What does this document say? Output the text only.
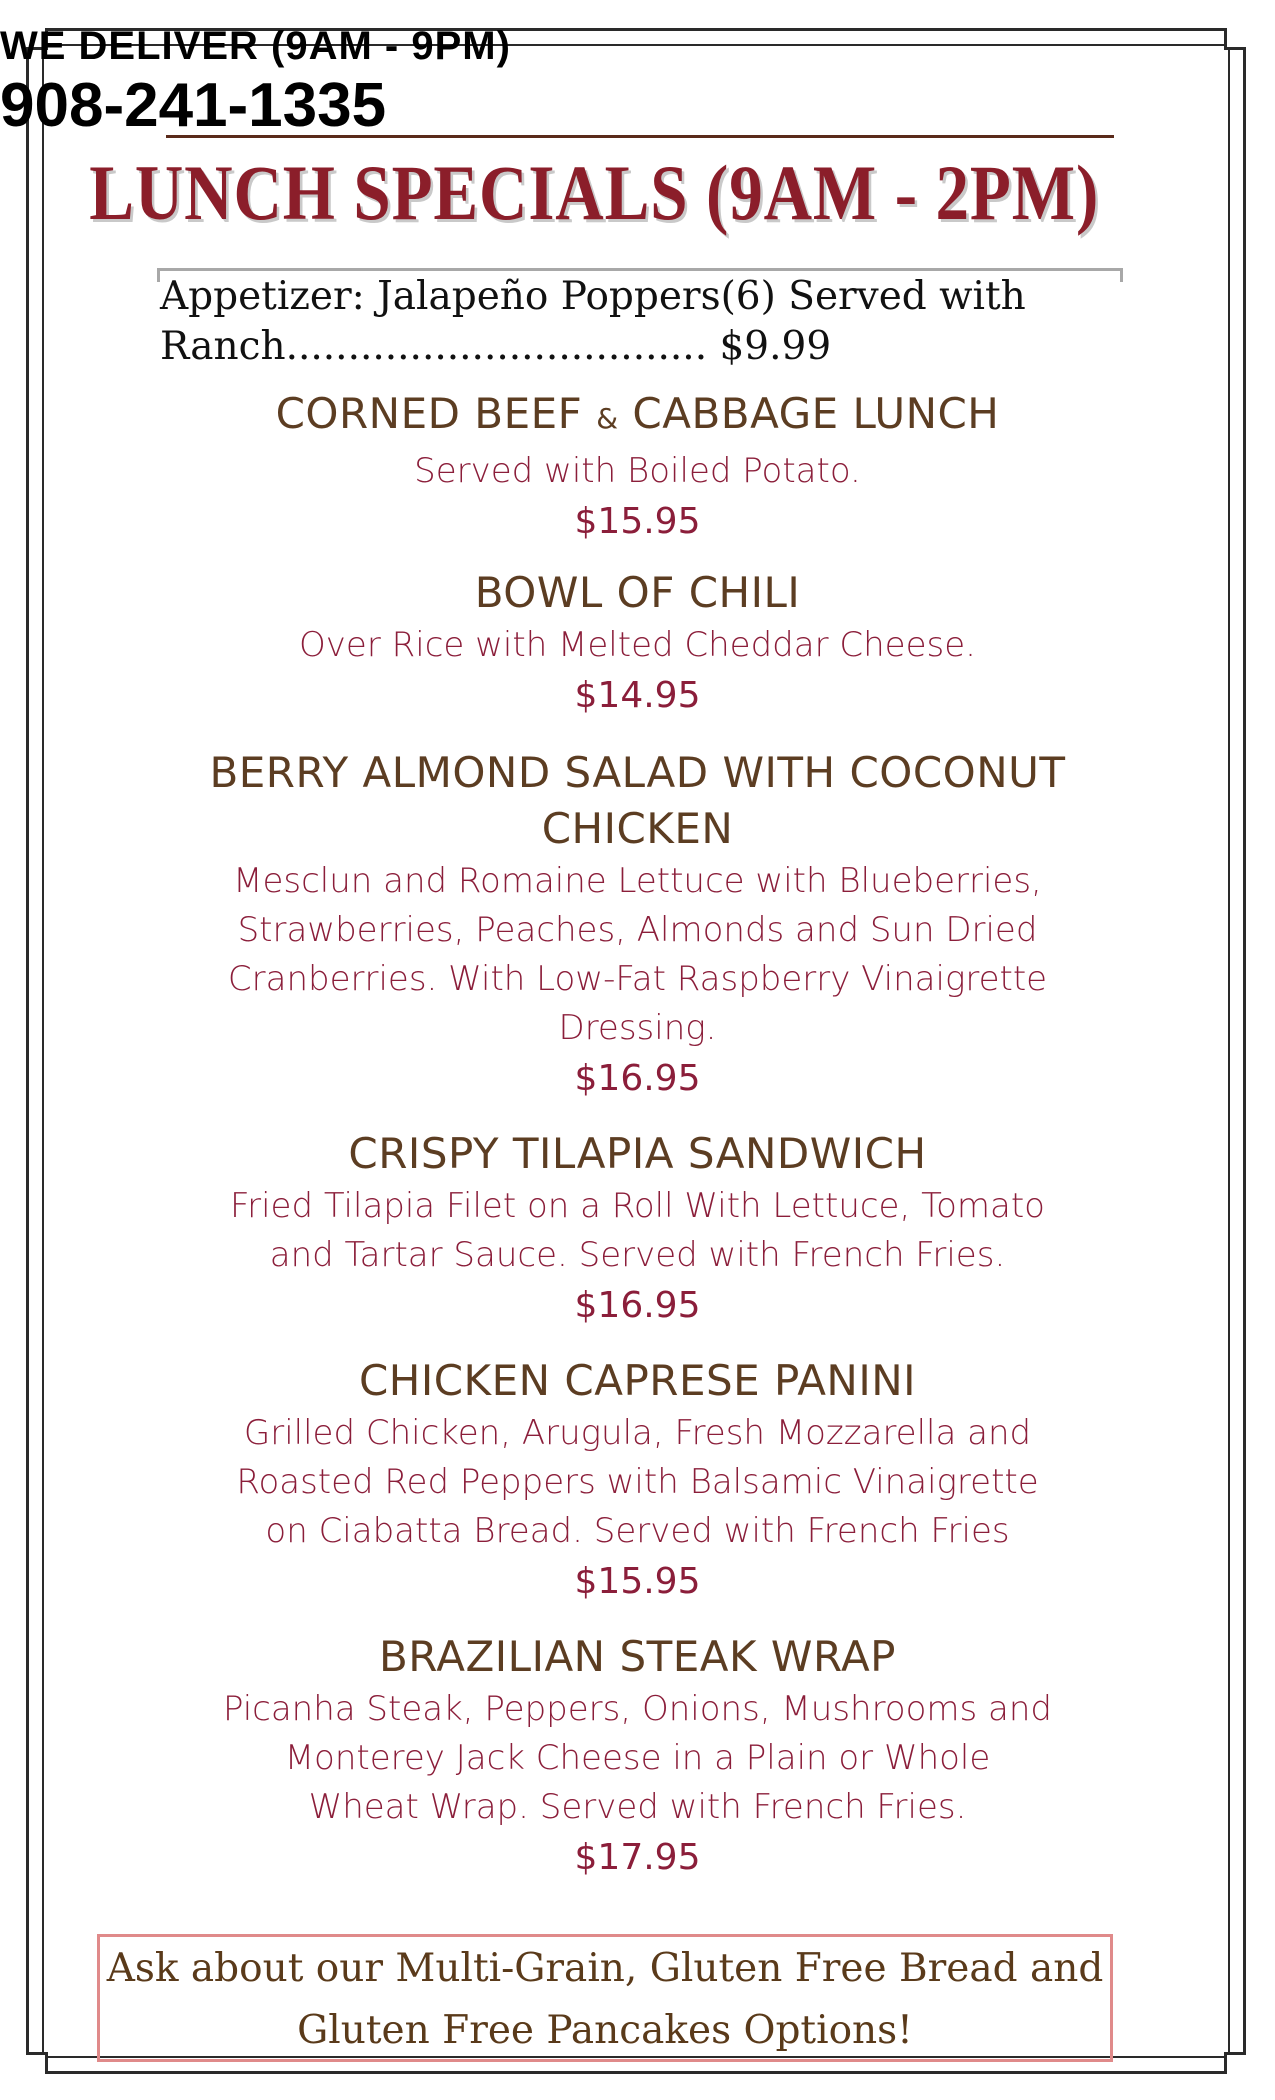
WE DELIVER (9AM - 9PM)
908-241-1335
LUNCH SPECIALS (9AM - 2PM)
Appetizer: Jalapeño Poppers(6) Served with
Ranch.................................. $9.99
CORNED BEEF & CABBAGE LUNCH
Served with Boiled Potato.
$15.95
BOWL OF CHILI
Over Rice with Melted Cheddar Cheese.
$14.95
BERRY ALMOND SALAD WITH COCONUT
CHICKEN
Mesclun and Romaine Lettuce with Blueberries,
Strawberries, Peaches, Almonds and Sun Dried
Cranberries. With Low-Fat Raspberry Vinaigrette
Dressing.
$16.95
CRISPY TILAPIA SANDWICH
Fried Tilapia Filet on a Roll With Lettuce, Tomato
and Tartar Sauce. Served with French Fries.
$16.95
CHICKEN CAPRESE PANINI
Grilled Chicken, Arugula, Fresh Mozzarella and
Roasted Red Peppers with Balsamic Vinaigrette
on Ciabatta Bread. Served with French Fries
$15.95
BRAZILIAN STEAK WRAP
Picanha Steak, Peppers, Onions, Mushrooms and
Monterey Jack Cheese in a Plain or Whole
Wheat Wrap. Served with French Fries.
$17.95
Ask about our Multi-Grain, Gluten Free Bread and
Gluten Free Pancakes Options!
